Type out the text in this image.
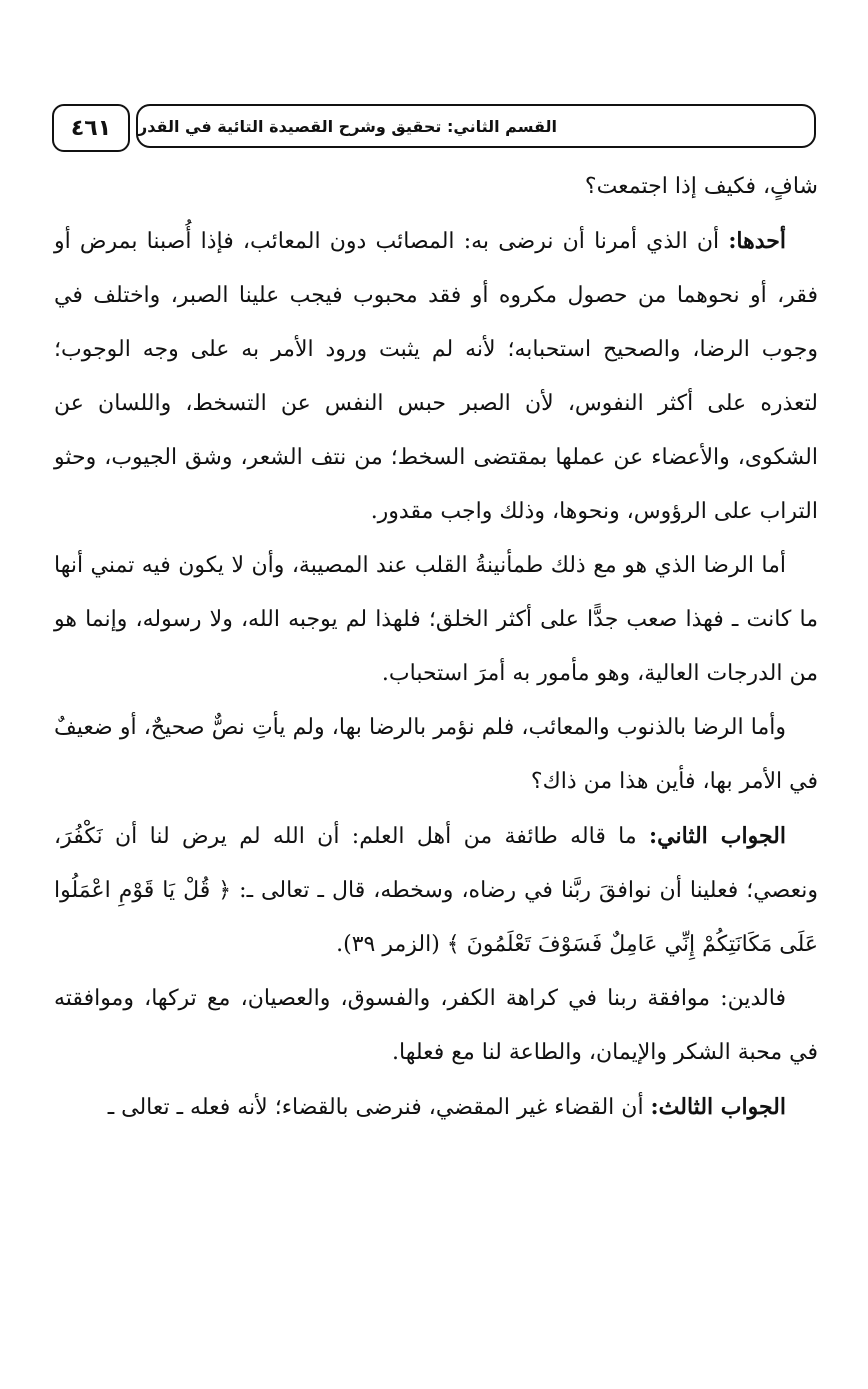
٤٦١	القسم الثاني: تحقيق وشرح القصيدة التائية في القدر

شافٍ، فكيف إذا اجتمعت؟

أحدها: أن الذي أمرنا أن نرضى به: المصائب دون المعائب، فإذا أُصبنا بمرض أو فقر، أو نحوهما من حصول مكروه أو فقد محبوب فيجب علينا الصبر، واختلف في وجوب الرضا، والصحيح استحبابه؛ لأنه لم يثبت ورود الأمر به على وجه الوجوب؛ لتعذره على أكثر النفوس، لأن الصبر حبس النفس عن التسخط، واللسان عن الشكوى، والأعضاء عن عملها بمقتضى السخط؛ من نتف الشعر، وشق الجيوب، وحثو التراب على الرؤوس، ونحوها، وذلك واجب مقدور.

أما الرضا الذي هو مع ذلك طمأنينةُ القلب عند المصيبة، وأن لا يكون فيه تمني أنها ما كانت ـ فهذا صعب جدًّا على أكثر الخلق؛ فلهذا لم يوجبه الله، ولا رسوله، وإنما هو من الدرجات العالية، وهو مأمور به أمرَ استحباب.

وأما الرضا بالذنوب والمعائب، فلم نؤمر بالرضا بها، ولم يأتِ نصٌّ صحيحٌ، أو ضعيفٌ في الأمر بها، فأين هذا من ذاك؟

الجواب الثاني: ما قاله طائفة من أهل العلم: أن الله لم يرض لنا أن نَكْفُرَ، ونعصي؛ فعلينا أن نوافقَ ربَّنا في رضاه، وسخطه، قال ـ تعالى ـ: ﴿ قُلْ يَا قَوْمِ اعْمَلُوا عَلَى مَكَانَتِكُمْ إِنِّي عَامِلٌ فَسَوْفَ تَعْلَمُونَ ﴾ (الزمر ٣٩).

فالدين: موافقة ربنا في كراهة الكفر، والفسوق، والعصيان، مع تركها، وموافقته في محبة الشكر والإيمان، والطاعة لنا مع فعلها.

الجواب الثالث: أن القضاء غير المقضي، فنرضى بالقضاء؛ لأنه فعله ـ تعالى ـ
